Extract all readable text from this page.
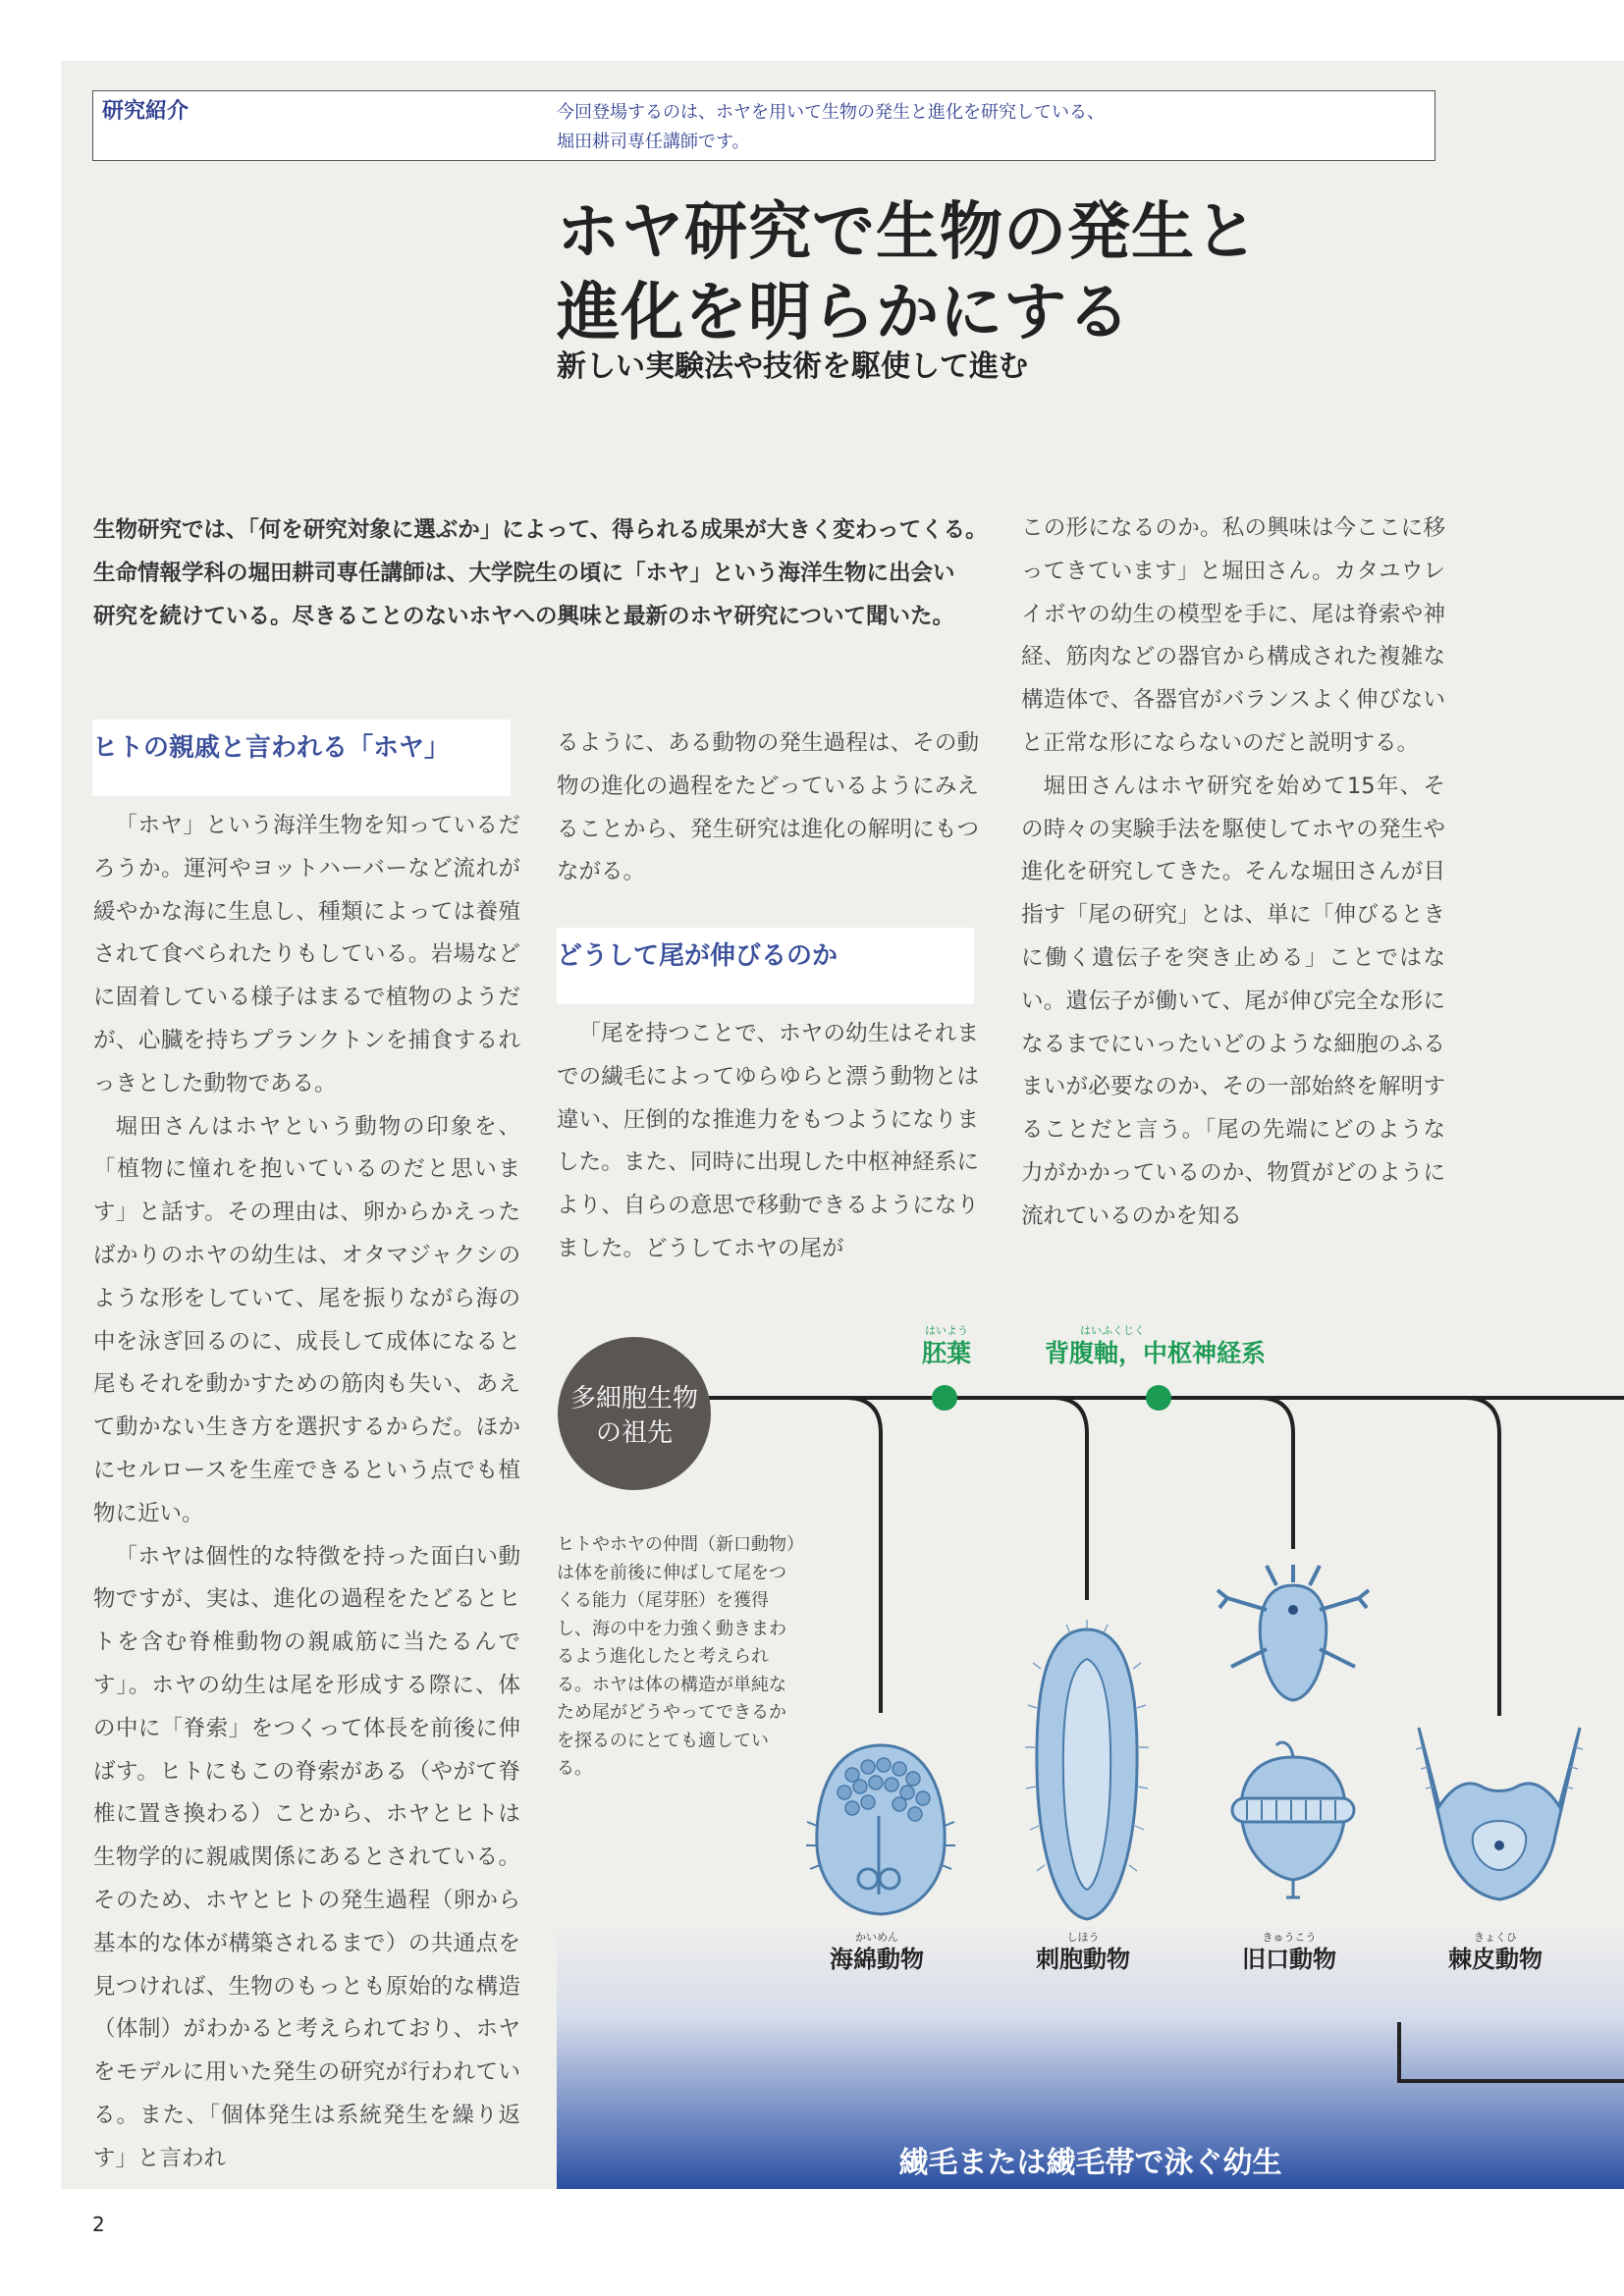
研究紹介	今回登場するのは、ホヤを用いて生物の発生と進化を研究している、
堀田耕司専任講師です。
ホヤ研究で生物の発生と
進化を明らかにする
新しい実験法や技術を駆使して進む
生物研究では、「何を研究対象に選ぶか」によって、得られる成果が大きく変わってくる。
生命情報学科の堀田耕司専任講師は、大学院生の頃に「ホヤ」という海洋生物に出会い
研究を続けている。尽きることのないホヤへの興味と最新のホヤ研究について聞いた。
ヒトの親戚と言われる「ホヤ」

「ホヤ」という海洋生物を知っているだろうか。運河やヨットハーバーなど流れが緩やかな海に生息し、種類によっては養殖されて食べられたりもしている。岩場などに固着している様子はまるで植物のようだが、心臓を持ちプランクトンを捕食するれっきとした動物である。

堀田さんはホヤという動物の印象を、「植物に憧れを抱いているのだと思います」と話す。その理由は、卵からかえったばかりのホヤの幼生は、オタマジャクシのような形をしていて、尾を振りながら海の中を泳ぎ回るのに、成長して成体になると尾もそれを動かすための筋肉も失い、あえて動かない生き方を選択するからだ。ほかにセルロースを生産できるという点でも植物に近い。

「ホヤは個性的な特徴を持った面白い動物ですが、実は、進化の過程をたどるとヒトを含む脊椎動物の親戚筋に当たるんです」。ホヤの幼生は尾を形成する際に、体の中に「脊索」をつくって体長を前後に伸ばす。ヒトにもこの脊索がある（やがて脊椎に置き換わる）ことから、ホヤとヒトは生物学的に親戚関係にあるとされている。そのため、ホヤとヒトの発生過程（卵から基本的な体が構築されるまで）の共通点を見つければ、生物のもっとも原始的な構造（体制）がわかると考えられており、ホヤをモデルに用いた発生の研究が行われている。また、「個体発生は系統発生を繰り返す」と言われ

るように、ある動物の発生過程は、その動物の進化の過程をたどっているようにみえることから、発生研究は進化の解明にもつながる。

どうして尾が伸びるのか

「尾を持つことで、ホヤの幼生はそれまでの繊毛によってゆらゆらと漂う動物とは違い、圧倒的な推進力をもつようになりました。また、同時に出現した中枢神経系により、自らの意思で移動できるようになりました。どうしてホヤの尾が

この形になるのか。私の興味は今ここに移ってきています」と堀田さん。カタユウレイボヤの幼生の模型を手に、尾は脊索や神経、筋肉などの器官から構成された複雑な構造体で、各器官がバランスよく伸びないと正常な形にならないのだと説明する。

堀田さんはホヤ研究を始めて15年、その時々の実験手法を駆使してホヤの発生や進化を研究してきた。そんな堀田さんが目指す「尾の研究」とは、単に「伸びるときに働く遺伝子を突き止める」ことではない。遺伝子が働いて、尾が伸び完全な形になるまでにいったいどのような細胞のふるまいが必要なのか、その一部始終を解明することだと言う。「尾の先端にどのような力がかかっているのか、物質がどのように流れているのかを知る

多細胞生物
の祖先
はいよう
胚葉
はいふくじく
背腹軸，中枢神経系
かいめん
海綿動物
しほう
刺胞動物
きゅうこう
旧口動物
きょくひ
棘皮動物
ヒトやホヤの仲間（新口動物）は体を前後に伸ばして尾をつくる能力（尾芽胚）を獲得し、海の中を力強く動きまわるよう進化したと考えられる。ホヤは体の構造が単純なため尾がどうやってできるかを探るのにとても適している。
繊毛または繊毛帯で泳ぐ幼生
2
